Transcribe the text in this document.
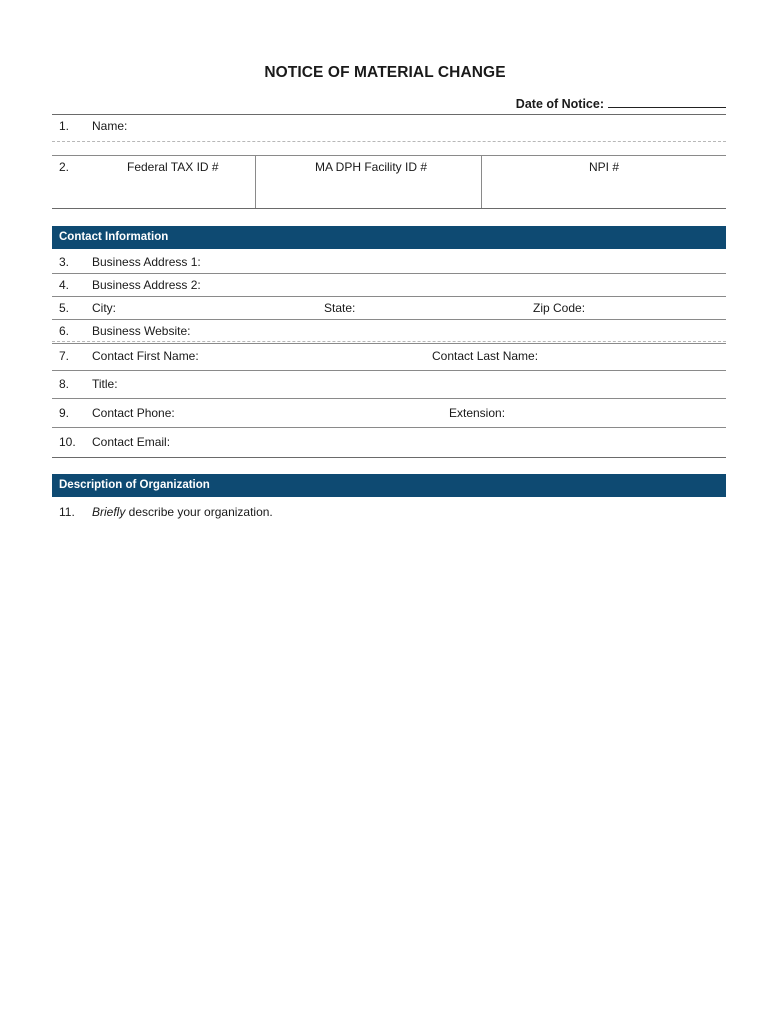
NOTICE OF MATERIAL CHANGE
Date of Notice:
1. Name:
2.	Federal TAX ID #	MA DPH Facility ID #	NPI #
Contact Information
3. Business Address 1:
4. Business Address 2:
5. City:	State:	Zip Code:
6. Business Website:
7. Contact First Name:	Contact Last Name:
8. Title:
9. Contact Phone:	Extension:
10. Contact Email:
Description of Organization
11. Briefly describe your organization.
